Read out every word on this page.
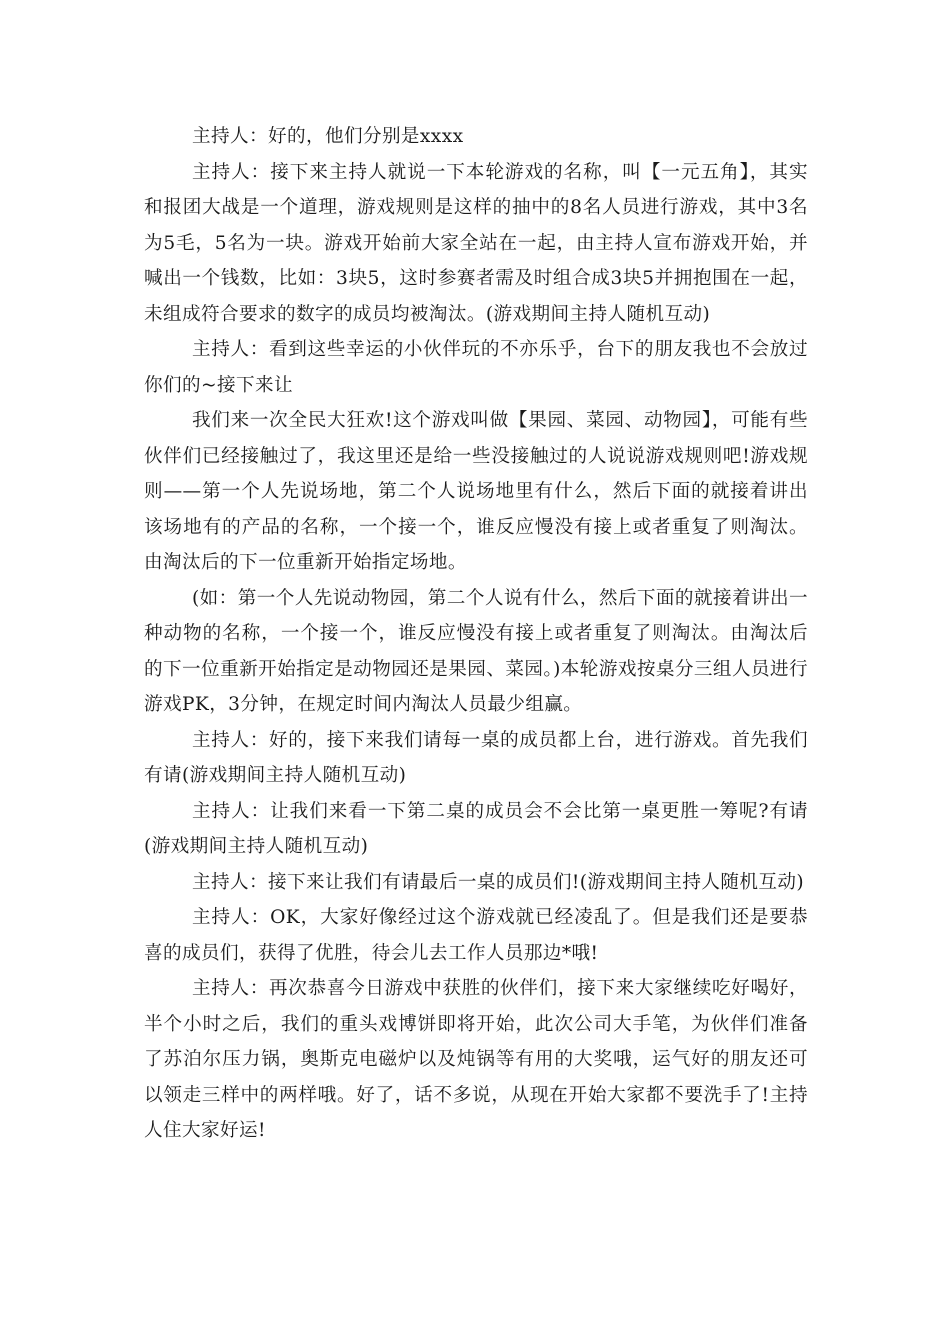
主持人：好的，他们分别是xxxx

主持人：接下来主持人就说一下本轮游戏的名称，叫【一元五角】，其实和报团大战是一个道理，游戏规则是这样的抽中的8名人员进行游戏，其中3名为5毛，5名为一块。游戏开始前大家全站在一起，由主持人宣布游戏开始，并喊出一个钱数，比如：3块5，这时参赛者需及时组合成3块5并拥抱围在一起，未组成符合要求的数字的成员均被淘汰。(游戏期间主持人随机互动)

主持人：看到这些幸运的小伙伴玩的不亦乐乎，台下的朋友我也不会放过你们的~接下来让

我们来一次全民大狂欢!这个游戏叫做【果园、菜园、动物园】，可能有些伙伴们已经接触过了，我这里还是给一些没接触过的人说说游戏规则吧!游戏规则——第一个人先说场地，第二个人说场地里有什么，然后下面的就接着讲出该场地有的产品的名称，一个接一个，谁反应慢没有接上或者重复了则淘汰。由淘汰后的下一位重新开始指定场地。

(如：第一个人先说动物园，第二个人说有什么，然后下面的就接着讲出一种动物的名称，一个接一个，谁反应慢没有接上或者重复了则淘汰。由淘汰后的下一位重新开始指定是动物园还是果园、菜园。)本轮游戏按桌分三组人员进行游戏PK，3分钟，在规定时间内淘汰人员最少组赢。

主持人：好的，接下来我们请每一桌的成员都上台，进行游戏。首先我们有请(游戏期间主持人随机互动)

主持人：让我们来看一下第二桌的成员会不会比第一桌更胜一筹呢?有请(游戏期间主持人随机互动)

主持人：接下来让我们有请最后一桌的成员们!(游戏期间主持人随机互动)

主持人：OK，大家好像经过这个游戏就已经凌乱了。但是我们还是要恭喜的成员们，获得了优胜，待会儿去工作人员那边*哦!

主持人：再次恭喜今日游戏中获胜的伙伴们，接下来大家继续吃好喝好，半个小时之后，我们的重头戏博饼即将开始，此次公司大手笔，为伙伴们准备了苏泊尔压力锅，奥斯克电磁炉以及炖锅等有用的大奖哦，运气好的朋友还可以领走三样中的两样哦。好了，话不多说，从现在开始大家都不要洗手了!主持人住大家好运!
